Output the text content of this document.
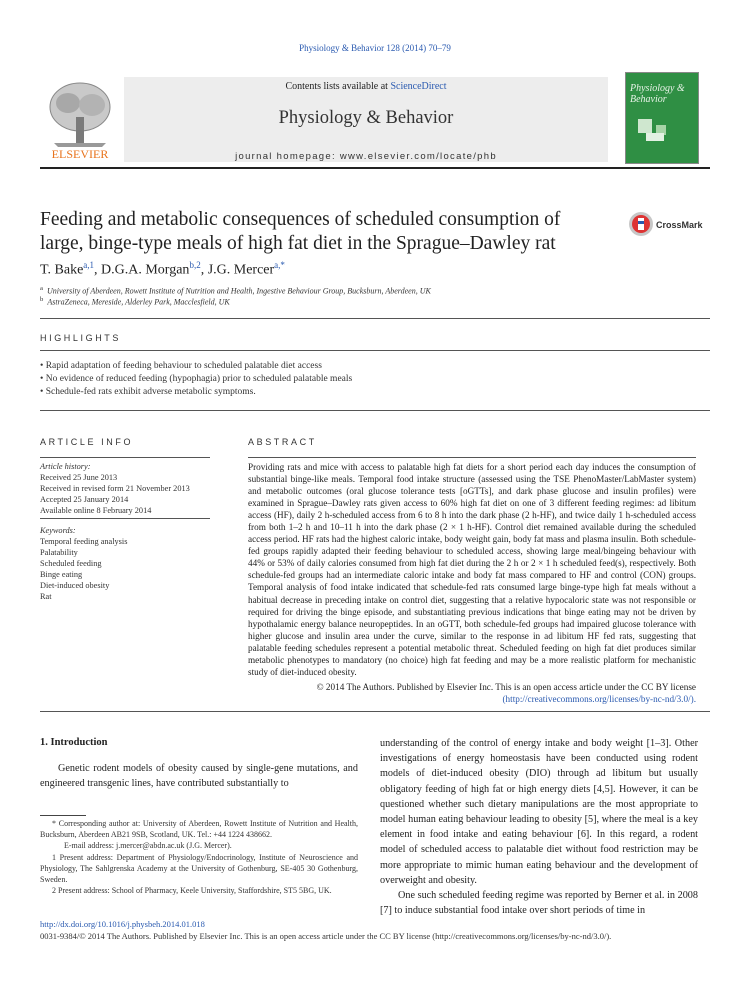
Physiology & Behavior 128 (2014) 70–79
Contents lists available at ScienceDirect
Physiology & Behavior
journal homepage: www.elsevier.com/locate/phb
ELSEVIER
Physiology & Behavior
Feeding and metabolic consequences of scheduled consumption of large, binge-type meals of high fat diet in the Sprague–Dawley rat
CrossMark
T. Bake$^{a,1}$, D.G.A. Morgan$^{b,2}$, J.G. Mercer$^{a,*}$
$^a$ University of Aberdeen, Rowett Institute of Nutrition and Health, Ingestive Behaviour Group, Bucksburn, Aberdeen, UK
$^b$ AstraZeneca, Mereside, Alderley Park, Macclesfield, UK
HIGHLIGHTS
• Rapid adaptation of feeding behaviour to scheduled palatable diet access
• No evidence of reduced feeding (hypophagia) prior to scheduled palatable meals
• Schedule-fed rats exhibit adverse metabolic symptoms.
ARTICLE INFO	ABSTRACT
Article history:
Received 25 June 2013
Received in revised form 21 November 2013
Accepted 25 January 2014
Available online 8 February 2014
Keywords:
Temporal feeding analysis
Palatability
Scheduled feeding
Binge eating
Diet-induced obesity
Rat
Providing rats and mice with access to palatable high fat diets for a short period each day induces the consumption of substantial binge-like meals. Temporal food intake structure (assessed using the TSE PhenoMaster/LabMaster system) and metabolic outcomes (oral glucose tolerance tests [oGTTs], and dark phase glucose and insulin profiles) were examined in Sprague–Dawley rats given access to 60% high fat diet on one of 3 different feeding regimes: ad libitum access (HF), daily 2 h-scheduled access from 6 to 8 h into the dark phase (2 h-HF), and twice daily 1 h-scheduled access from both 1–2 h and 10–11 h into the dark phase (2 × 1 h-HF). Control diet remained available during the scheduled access period. HF rats had the highest caloric intake, body weight gain, body fat mass and plasma insulin. Both schedule-fed groups rapidly adapted their feeding behaviour to scheduled access, showing large meal/bingeing behaviour with 44% or 53% of daily calories consumed from high fat diet during the 2 h or 2 × 1 h scheduled feed(s), respectively. Both schedule-fed groups had an intermediate caloric intake and body fat mass compared to HF and control (CON) groups. Temporal analysis of food intake indicated that schedule-fed rats consumed large binge-type high fat meals without a habitual decrease in preceding intake on control diet, suggesting that a relative hypocaloric state was not responsible or required for driving the binge episode, and substantiating previous indications that binge eating may not be driven by hypothalamic energy balance neuropeptides. In an oGTT, both schedule-fed groups had impaired glucose tolerance with higher glucose and insulin area under the curve, similar to the response in ad libitum HF fed rats, suggesting that palatable feeding schedules represent a potential metabolic threat. Scheduled feeding on high fat diet produces similar metabolic phenotypes to mandatory (no choice) high fat feeding and may be a more realistic platform for mechanistic study of diet-induced obesity.
© 2014 The Authors. Published by Elsevier Inc. This is an open access article under the CC BY license (http://creativecommons.org/licenses/by-nc-nd/3.0/).
1. Introduction
Genetic rodent models of obesity caused by single-gene mutations, and engineered transgenic lines, have contributed substantially to

* Corresponding author at: University of Aberdeen, Rowett Institute of Nutrition and Health, Bucksburn, Aberdeen AB21 9SB, Scotland, UK. Tel.: +44 1224 438662.

E-mail address: j.mercer@abdn.ac.uk (J.G. Mercer).

1 Present address: Department of Physiology/Endocrinology, Institute of Neuroscience and Physiology, The Sahlgrenska Academy at the University of Gothenburg, SE-405 30 Gothenburg, Sweden.

2 Present address: School of Pharmacy, Keele University, Staffordshire, ST5 5BG, UK.

understanding of the control of energy intake and body weight [1–3]. Other investigations of energy homeostasis have been conducted using rodent models of diet-induced obesity (DIO) through ad libitum but usually obligatory feeding of high fat or high energy diets [4,5]. However, it can be questioned whether such dietary manipulations are the most appropriate to model human eating behaviour leading to obesity [5], where the meal is a key element in food intake and eating behaviour [6]. In this regard, a rodent model of scheduled access to palatable diet without food restriction may be more appropriate to mimic human eating behaviour and the development of overweight and obesity.

One such scheduled feeding regime was reported by Berner et al. in 2008 [7] to induce substantial food intake over short periods of time in

http://dx.doi.org/10.1016/j.physbeh.2014.01.018
0031-9384/© 2014 The Authors. Published by Elsevier Inc. This is an open access article under the CC BY license (http://creativecommons.org/licenses/by-nc-nd/3.0/).
